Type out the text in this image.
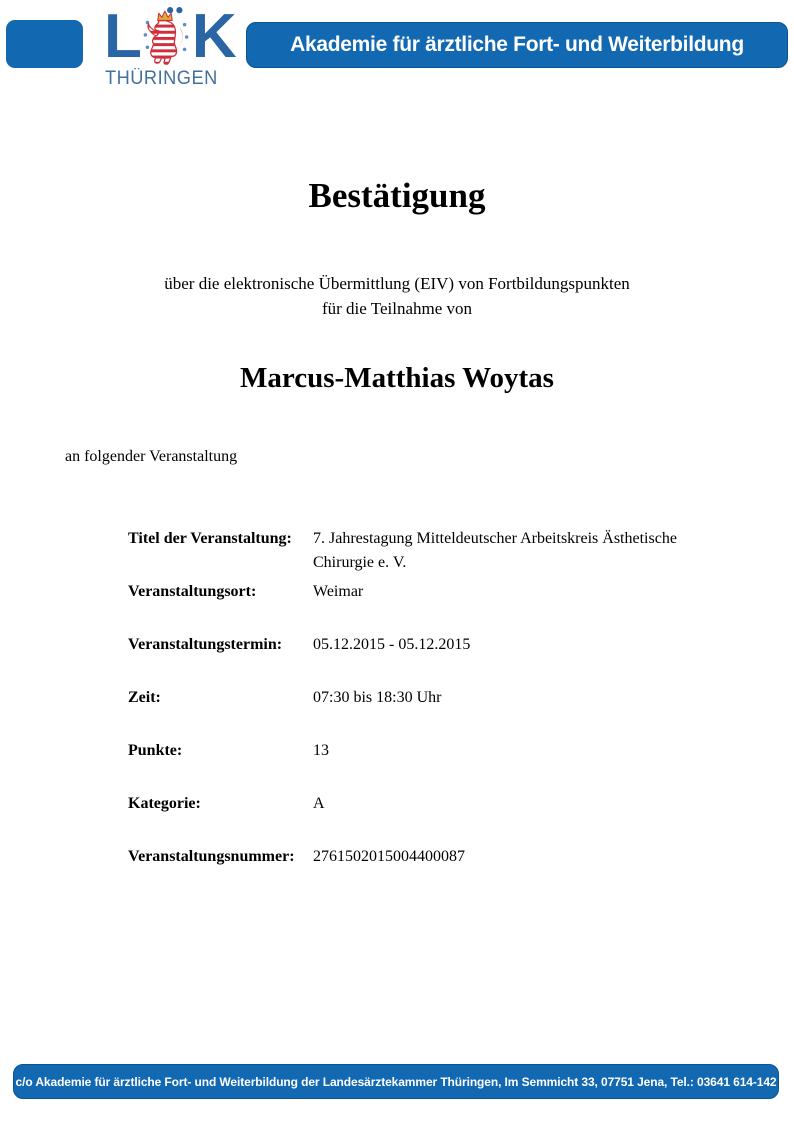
L K
THÜRINGEN
Akademie für ärztliche Fort- und Weiterbildung
Bestätigung
über die elektronische Übermittlung (EIV) von Fortbildungspunkten
für die Teilnahme von
Marcus-Matthias Woytas
an folgender Veranstaltung
Titel der Veranstaltung:	7. Jahrestagung Mitteldeutscher Arbeitskreis Ästhetische Chirurgie e. V.
Veranstaltungsort:	Weimar
Veranstaltungstermin:	05.12.2015 - 05.12.2015
Zeit:	07:30 bis 18:30 Uhr
Punkte:	13
Kategorie:	A
Veranstaltungsnummer:	2761502015004400087
c/o Akademie für ärztliche Fort- und Weiterbildung der Landesärztekammer Thüringen, Im Semmicht 33, 07751 Jena, Tel.: 03641 614-142
